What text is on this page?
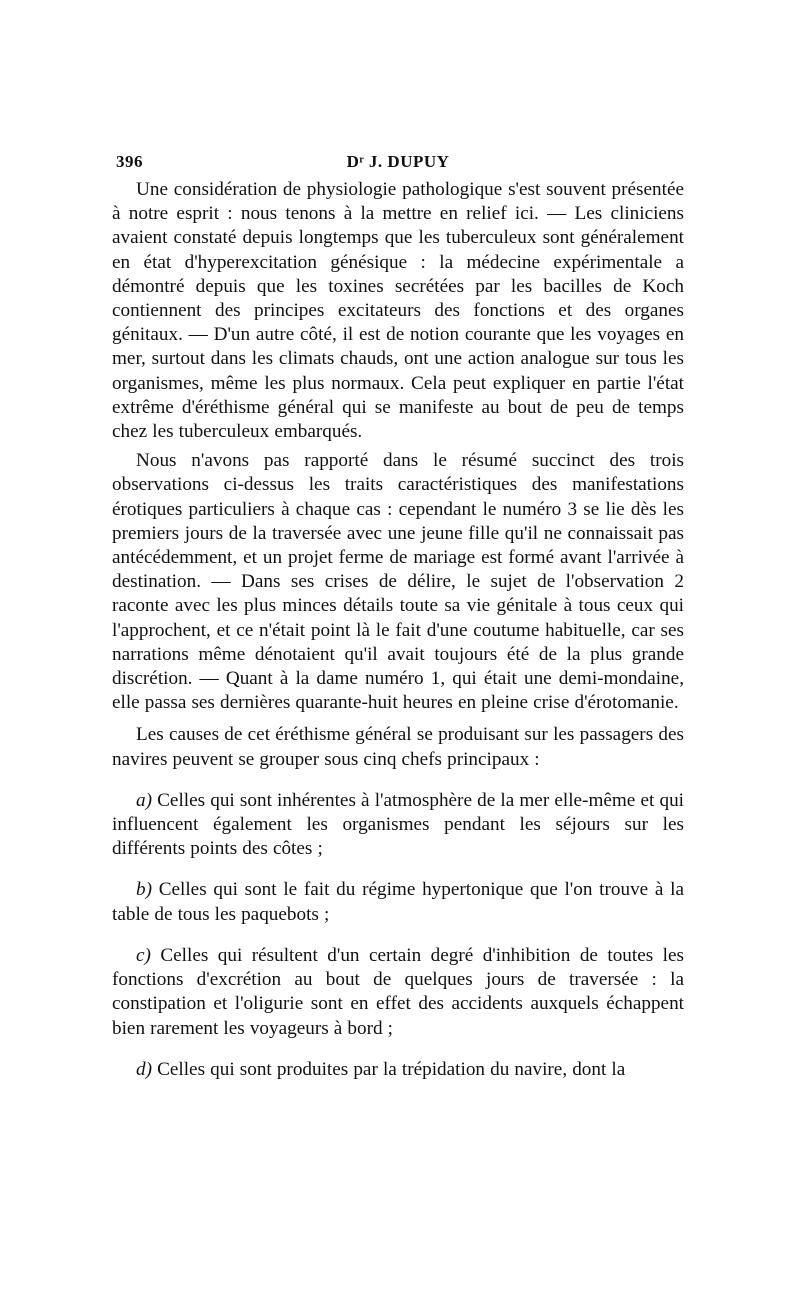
396	Dʳ J. DUPUY

Une considération de physiologie pathologique s'est souvent présentée à notre esprit : nous tenons à la mettre en relief ici. — Les cliniciens avaient constaté depuis longtemps que les tuberculeux sont généralement en état d'hyperexcitation génésique : la médecine expérimentale a démontré depuis que les toxines secrétées par les bacilles de Koch contiennent des principes excitateurs des fonctions et des organes génitaux. — D'un autre côté, il est de notion courante que les voyages en mer, surtout dans les climats chauds, ont une action analogue sur tous les organismes, même les plus normaux. Cela peut expliquer en partie l'état extrême d'éréthisme général qui se manifeste au bout de peu de temps chez les tuberculeux embarqués.

Nous n'avons pas rapporté dans le résumé succinct des trois observations ci-dessus les traits caractéristiques des manifestations érotiques particuliers à chaque cas : cependant le numéro 3 se lie dès les premiers jours de la traversée avec une jeune fille qu'il ne connaissait pas antécédemment, et un projet ferme de mariage est formé avant l'arrivée à destination. — Dans ses crises de délire, le sujet de l'observation 2 raconte avec les plus minces détails toute sa vie génitale à tous ceux qui l'approchent, et ce n'était point là le fait d'une coutume habituelle, car ses narrations même dénotaient qu'il avait toujours été de la plus grande discrétion. — Quant à la dame numéro 1, qui était une demi-mondaine, elle passa ses dernières quarante-huit heures en pleine crise d'érotomanie.

Les causes de cet éréthisme général se produisant sur les passagers des navires peuvent se grouper sous cinq chefs principaux :

a) Celles qui sont inhérentes à l'atmosphère de la mer elle-même et qui influencent également les organismes pendant les séjours sur les différents points des côtes ;

b) Celles qui sont le fait du régime hypertonique que l'on trouve à la table de tous les paquebots ;

c) Celles qui résultent d'un certain degré d'inhibition de toutes les fonctions d'excrétion au bout de quelques jours de traversée : la constipation et l'oligurie sont en effet des accidents auxquels échappent bien rarement les voyageurs à bord ;

d) Celles qui sont produites par la trépidation du navire, dont la
